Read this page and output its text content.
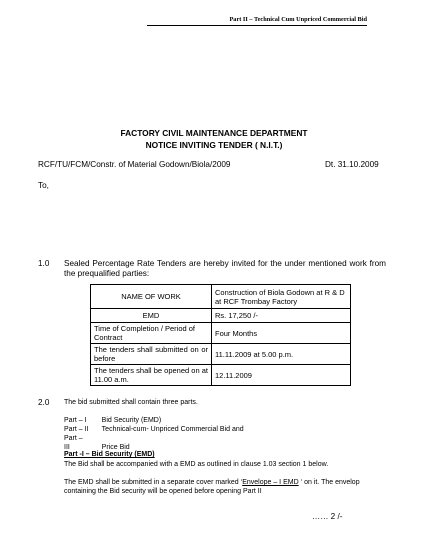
Part II – Technical Cum Unpriced Commercial Bid
FACTORY CIVIL MAINTENANCE DEPARTMENT
NOTICE INVITING TENDER ( N.I.T.)
RCF/TU/FCM/Constr. of Material Godown/Biola/2009	Dt. 31.10.2009
To,
1.0 Sealed Percentage Rate Tenders are hereby invited for the under mentioned work from the prequalified parties:
NAME OF WORK	Construction of Biola Godown at R & D at RCF Trombay Factory
EMD	Rs. 17,250 /-
Time of Completion / Period of Contract	Four Months
The tenders shall submitted on or before	11.11.2009 at 5.00 p.m.
The tenders shall be opened on at 11.00 a.m.	12.11.2009
2.0 The bid submitted shall contain three parts.
Part – I Bid Security (EMD)
Part – II Technical-cum- Unpriced Commercial Bid and
Part – III	Price Bid
Part -I – Bid Security (EMD)
The Bid shall be accompanied with a EMD as outlined in clause 1.03 section 1 below.
The EMD shall be submitted in a separate cover marked ‘Envelope – I EMD ‘ on it. The envelop containing the Bid security will be opened before opening Part II
…… 2 /-
